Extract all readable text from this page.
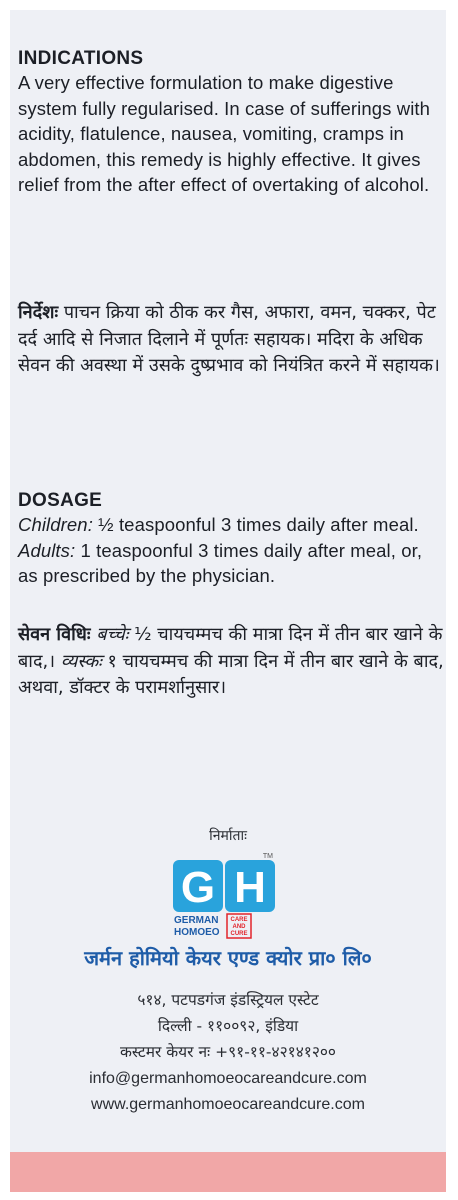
INDICATIONS

A very effective formulation to make digestive system fully regularised. In case of sufferings with acidity, flatulence, nausea, vomiting, cramps in abdomen, this remedy is highly effective. It gives relief from the after effect of overtaking of alcohol.

निर्देशः पाचन क्रिया को ठीक कर गैस, अफारा, वमन, चक्कर, पेट दर्द आदि से निजात दिलाने में पूर्णतः सहायक। मदिरा के अधिक सेवन की अवस्था में उसके दुष्प्रभाव को नियंत्रित करने में सहायक।

DOSAGE

Children: ½ teaspoonful 3 times daily after meal. Adults: 1 teaspoonful 3 times daily after meal, or, as prescribed by the physician.

सेवन विधिः बच्चेः ½ चायचम्मच की मात्रा दिन में तीन बार खाने के बाद,। व्यस्कः १ चायचम्मच की मात्रा दिन में तीन बार खाने के बाद, अथवा, डॉक्टर के परामर्शानुसार।

निर्माताः
G
TM
GERMAN
HOMOEO
CARE
AND
CURE
H
जर्मन होमियो केयर एण्ड क्योर प्रा० लि०
५१४, पटपडगंज इंडस्ट्रियल एस्टेट
दिल्ली - ११००९२, इंडिया
कस्टमर केयर नः +९१-११-४२१४१२००
info@germanhomoeocareandcure.com
www.germanhomoeocareandcure.com
